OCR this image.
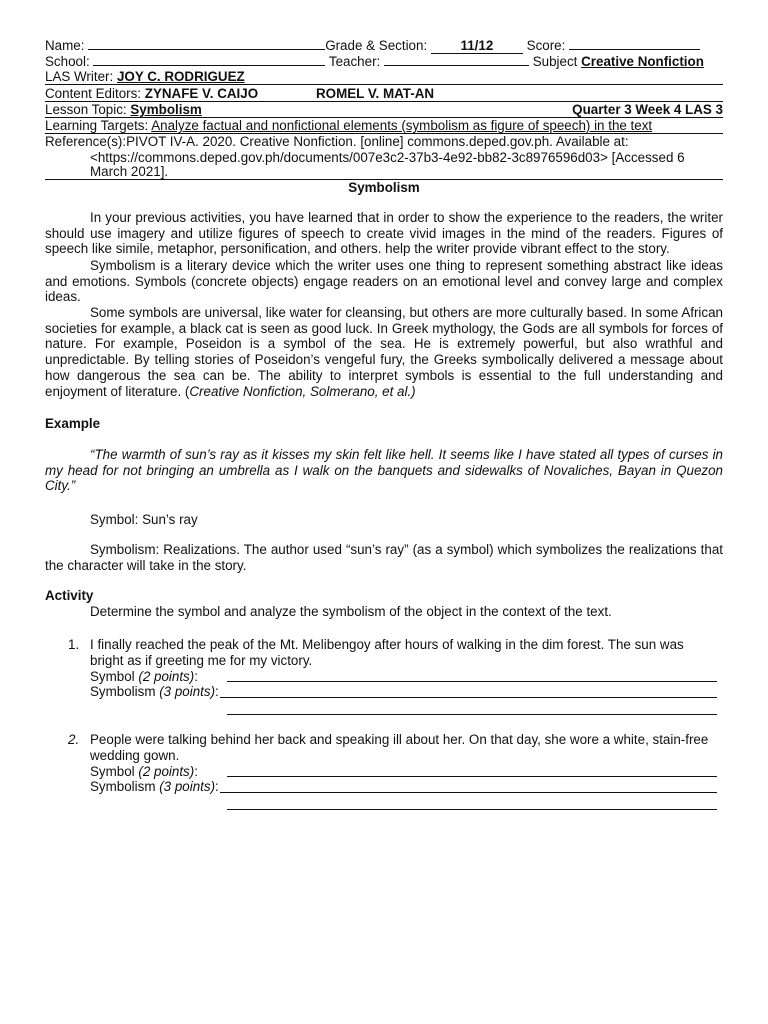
Name:	Grade & Section: 11/12 Score:
School:	Teacher:	Subject Creative Nonfiction
LAS Writer: JOY C. RODRIGUEZ
Content Editors: ZYNAFE V. CAIJO	ROMEL V. MAT-AN
Lesson Topic: Symbolism	Quarter 3 Week 4 LAS 3
Learning Targets: Analyze factual and nonfictional elements (symbolism as figure of speech) in the text
Reference(s):PIVOT IV-A. 2020. Creative Nonfiction. [online] commons.deped.gov.ph. Available at:
<https://commons.deped.gov.ph/documents/007e3c2-37b3-4e92-bb82-3c8976596d03> [Accessed 6
March 2021].
Symbolism
In your previous activities, you have learned that in order to show the experience to the readers, the writer should use imagery and utilize figures of speech to create vivid images in the mind of the readers. Figures of speech like simile, metaphor, personification, and others. help the writer provide vibrant effect to the story.
Symbolism is a literary device which the writer uses one thing to represent something abstract like ideas and emotions. Symbols (concrete objects) engage readers on an emotional level and convey large and complex ideas.
Some symbols are universal, like water for cleansing, but others are more culturally based. In some African societies for example, a black cat is seen as good luck. In Greek mythology, the Gods are all symbols for forces of nature. For example, Poseidon is a symbol of the sea. He is extremely powerful, but also wrathful and unpredictable. By telling stories of Poseidon’s vengeful fury, the Greeks symbolically delivered a message about how dangerous the sea can be. The ability to interpret symbols is essential to the full understanding and enjoyment of literature. (Creative Nonfiction, Solmerano, et al.)
Example
“The warmth of sun’s ray as it kisses my skin felt like hell. It seems like I have stated all types of curses in my head for not bringing an umbrella as I walk on the banquets and sidewalks of Novaliches, Bayan in Quezon City.”
Symbol: Sun’s ray
Symbolism: Realizations. The author used “sun’s ray” (as a symbol) which symbolizes the realizations that the character will take in the story.
Activity
Determine the symbol and analyze the symbolism of the object in the context of the text.
1. I finally reached the peak of the Mt. Melibengoy after hours of walking in the dim forest. The sun was bright as if greeting me for my victory.
Symbol (2 points):
Symbolism (3 points):
2. People were talking behind her back and speaking ill about her. On that day, she wore a white, stain-free wedding gown.
Symbol (2 points):
Symbolism (3 points):
